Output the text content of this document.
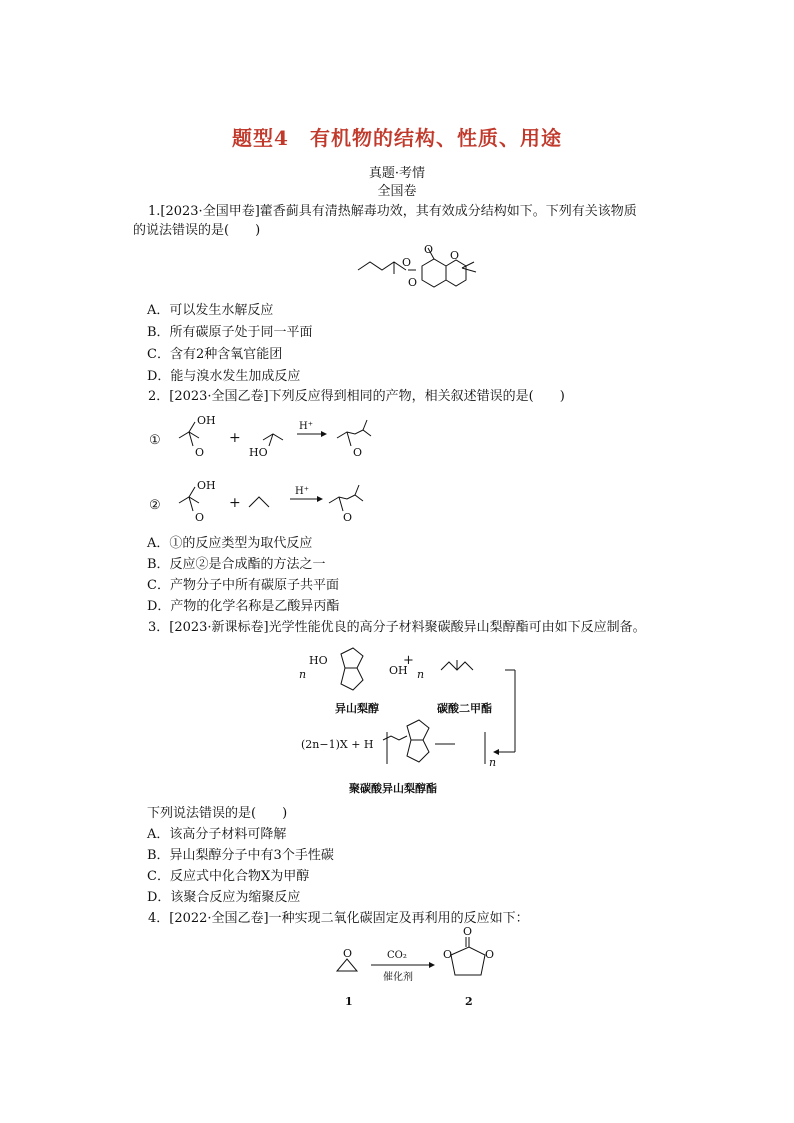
题型4　有机物的结构、性质、用途
真题·考情
全国卷
1.[2023·全国甲卷]藿香蓟具有清热解毒功效，其有效成分结构如下。下列有关该物质
的说法错误的是(　　)
O
O
O O
A．可以发生水解反应
B．所有碳原子处于同一平面
C．含有2种含氧官能团
D．能与溴水发生加成反应
2．[2023·全国乙卷]下列反应得到相同的产物，相关叙述错误的是(　　)
①
OH
O
+
HO
H⁺
O
②
OH
O
+
H⁺
O
A．①的反应类型为取代反应
B．反应②是合成酯的方法之一
C．产物分子中所有碳原子共平面
D．产物的化学名称是乙酸异丙酯
3．[2023·新课标卷]光学性能优良的高分子材料聚碳酸异山梨醇酯可由如下反应制备。
n
HO
OH
+
n
异山梨醇	碳酸二甲酯
(2n−1)X + H
n
聚碳酸异山梨醇酯
下列说法错误的是(　　)
A．该高分子材料可降解
B．异山梨醇分子中有3个手性碳
C．反应式中化合物X为甲醇
D．该聚合反应为缩聚反应
4．[2022·全国乙卷]一种实现二氧化碳固定及再利用的反应如下：
O	CO₂
催化剂
O
O	O
1	2
